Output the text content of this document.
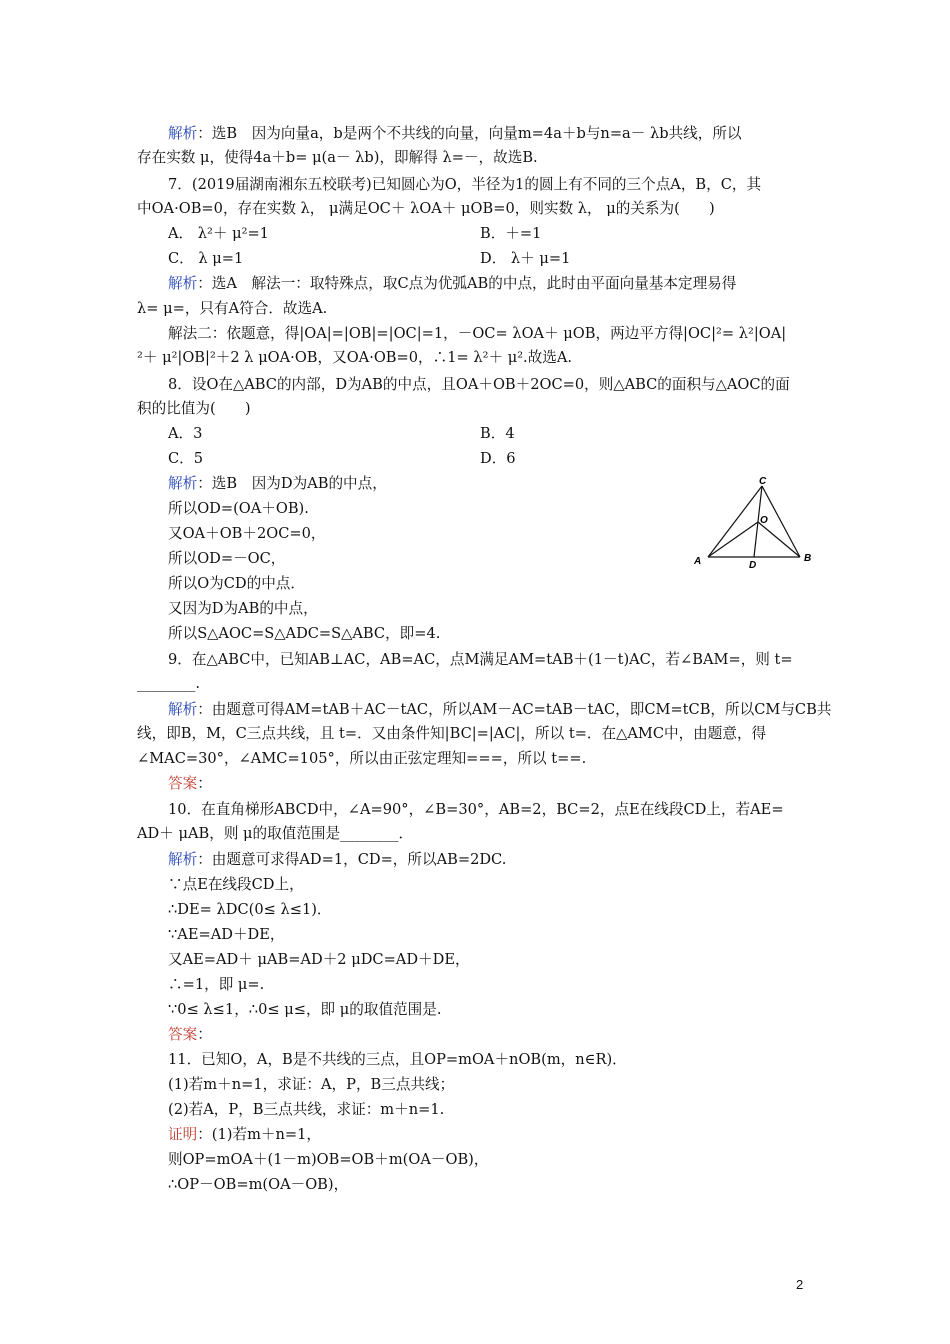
解析：选B　因为向量a，b是两个不共线的向量，向量m=4a＋b与n=a－ λb共线，所以
存在实数 μ，使得4a＋b= μ(a－ λb)，即解得 λ=－，故选B.
7．(2019届湖南湘东五校联考)已知圆心为O，半径为1的圆上有不同的三个点A，B，C，其
中OA·OB=0，存在实数 λ， μ满足OC＋ λOA＋ μOB=0，则实数 λ， μ的关系为(　　)
A． λ²＋ μ²=1	B．＋=1
C． λ μ=1	D． λ＋ μ=1
解析：选A　解法一：取特殊点，取C点为优弧AB的中点，此时由平面向量基本定理易得
λ= μ=，只有A符合．故选A.
解法二：依题意，得|OA|=|OB|=|OC|=1，－OC= λOA＋ μOB，两边平方得|OC|²= λ²|OA|
²＋ μ²|OB|²＋2 λ μOA·OB，又OA·OB=0，∴1= λ²＋ μ².故选A.
8．设O在△ABC的内部，D为AB的中点，且OA＋OB＋2OC=0，则△ABC的面积与△AOC的面
积的比值为(　　)
A．3	B．4
C．5	D．6
解析：选B　因为D为AB的中点，
所以OD=(OA＋OB).
又OA＋OB＋2OC=0，
所以OD=－OC，
所以O为CD的中点．
又因为D为AB的中点，
所以S△AOC=S△ADC=S△ABC，即=4.
9．在△ABC中，已知AB⊥AC，AB=AC，点M满足AM=tAB＋(1－t)AC，若∠BAM=，则 t=
________.
解析：由题意可得AM=tAB＋AC－tAC，所以AM－AC=tAB－tAC，即CM=tCB，所以CM与CB共
线，即B，M，C三点共线，且 t=．又由条件知|BC|=|AC|，所以 t=．在△AMC中，由题意，得
∠MAC=30°，∠AMC=105°，所以由正弦定理知===，所以 t==.
答案：
10．在直角梯形ABCD中，∠A=90°，∠B=30°，AB=2，BC=2，点E在线段CD上，若AE=
AD＋ μAB，则 μ的取值范围是________．
解析：由题意可求得AD=1，CD=，所以AB=2DC.
∵点E在线段CD上，
∴DE= λDC(0≤ λ≤1)．
∵AE=AD＋DE，
又AE=AD＋ μAB=AD＋2 μDC=AD＋DE，
∴=1，即 μ=.
∵0≤ λ≤1，∴0≤ μ≤，即 μ的取值范围是.
答案：
11．已知O，A，B是不共线的三点，且OP=mOA＋nOB(m，n∈R)．
(1)若m＋n=1，求证：A，P，B三点共线；
(2)若A，P，B三点共线，求证：m＋n=1.
证明：(1)若m＋n=1，
则OP=mOA＋(1－m)OB=OB＋m(OA－OB)，
∴OP－OB=m(OA－OB)，
C
O
A	D
B
2
